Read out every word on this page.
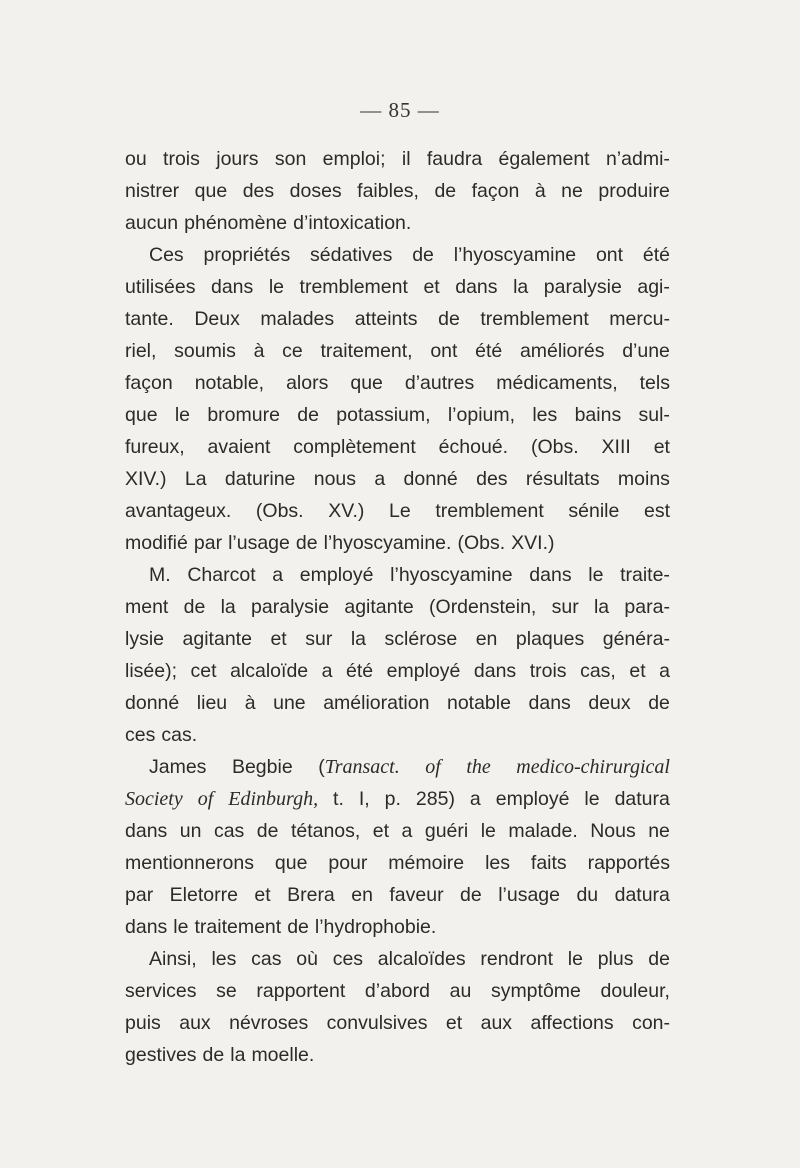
— 85 —
ou trois jours son emploi; il faudra également n’admi-
nistrer que des doses faibles, de façon à ne produire
aucun phénomène d’intoxication.
Ces propriétés sédatives de l’hyoscyamine ont été
utilisées dans le tremblement et dans la paralysie agi-
tante. Deux malades atteints de tremblement mercu-
riel, soumis à ce traitement, ont été améliorés d’une
façon notable, alors que d’autres médicaments, tels
que le bromure de potassium, l’opium, les bains sul-
fureux, avaient complètement échoué. (Obs. XIII et
XIV.) La daturine nous a donné des résultats moins
avantageux. (Obs. XV.) Le tremblement sénile est
modifié par l’usage de l’hyoscyamine. (Obs. XVI.)
M. Charcot a employé l’hyoscyamine dans le traite-
ment de la paralysie agitante (Ordenstein, sur la para-
lysie agitante et sur la sclérose en plaques généra-
lisée); cet alcaloïde a été employé dans trois cas, et a
donné lieu à une amélioration notable dans deux de
ces cas.
James Begbie (Transact. of the medico-chirurgical
Society of Edinburgh, t. I, p. 285) a employé le datura
dans un cas de tétanos, et a guéri le malade. Nous ne
mentionnerons que pour mémoire les faits rapportés
par Eletorre et Brera en faveur de l’usage du datura
dans le traitement de l’hydrophobie.
Ainsi, les cas où ces alcaloïdes rendront le plus de
services se rapportent d’abord au symptôme douleur,
puis aux névroses convulsives et aux affections con-
gestives de la moelle.
